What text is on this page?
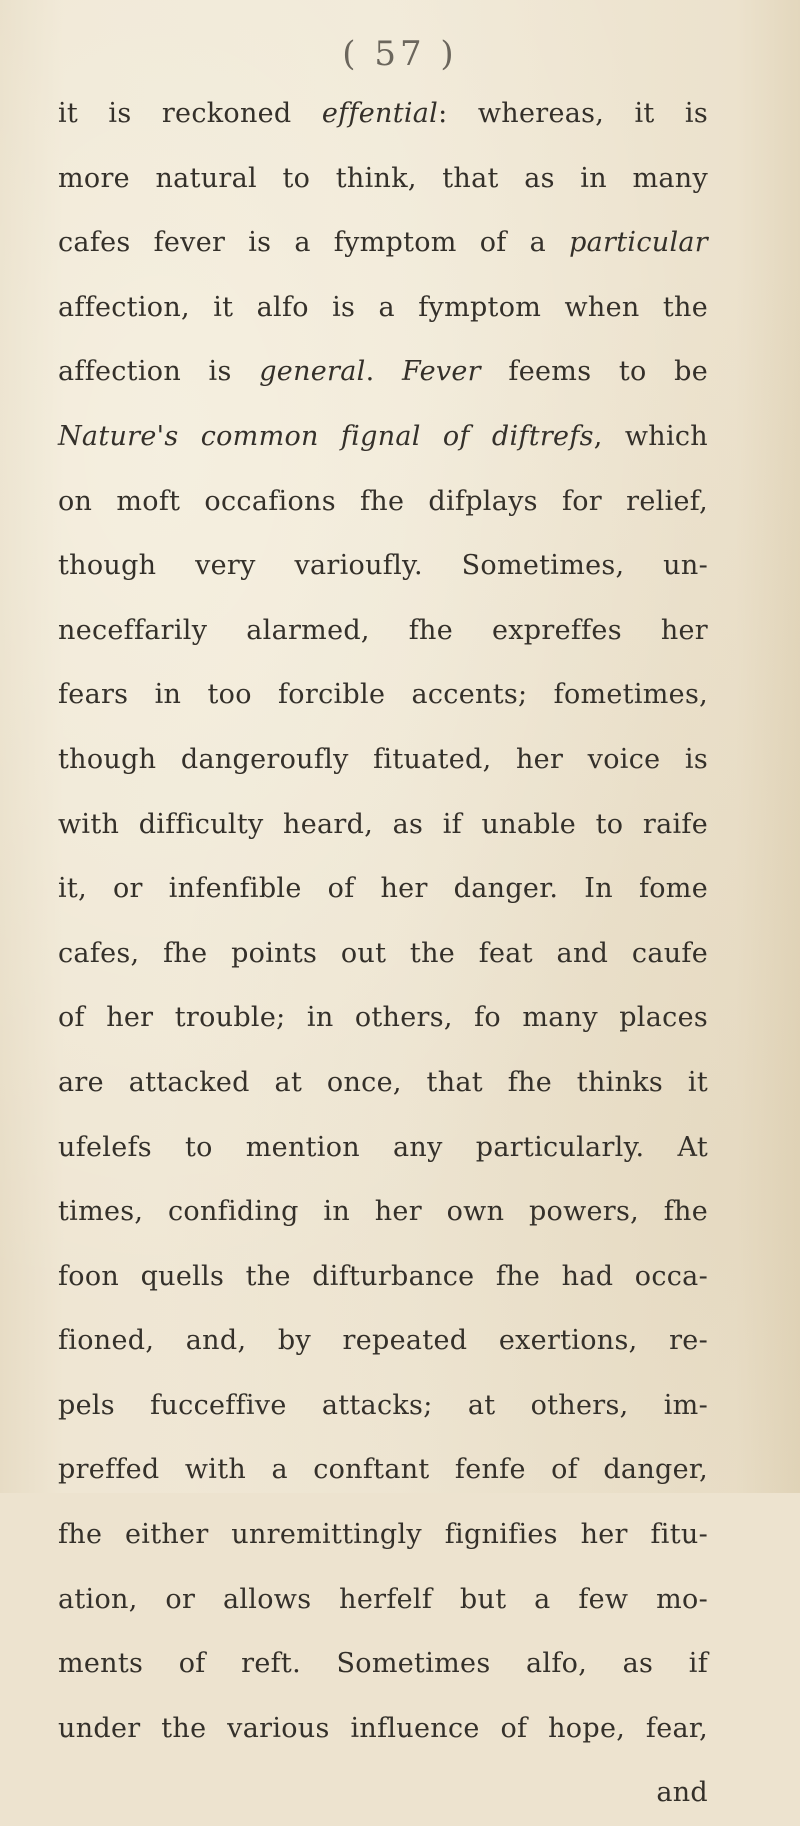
( 57 )
it is reckoned effential: whereas, it is
more natural to think, that as in many
cafes fever is a fymptom of a particular
affection, it alfo is a fymptom when the
affection is general. Fever feems to be
Nature's common fignal of diftrefs, which
on moft occafions fhe difplays for relief,
though very varioufly. Sometimes, un-
neceffarily alarmed, fhe expreffes her
fears in too forcible accents; fometimes,
though dangeroufly fituated, her voice is
with difficulty heard, as if unable to raife
it, or infenfible of her danger. In fome
cafes, fhe points out the feat and caufe
of her trouble; in others, fo many places
are attacked at once, that fhe thinks it
ufelefs to mention any particularly. At
times, confiding in her own powers, fhe
foon quells the difturbance fhe had occa-
fioned, and, by repeated exertions, re-
pels fucceffive attacks; at others, im-
preffed with a conftant fenfe of danger,
fhe either unremittingly fignifies her fitu-
ation, or allows herfelf but a few mo-
ments of reft. Sometimes alfo, as if
under the various influence of hope, fear,
and
